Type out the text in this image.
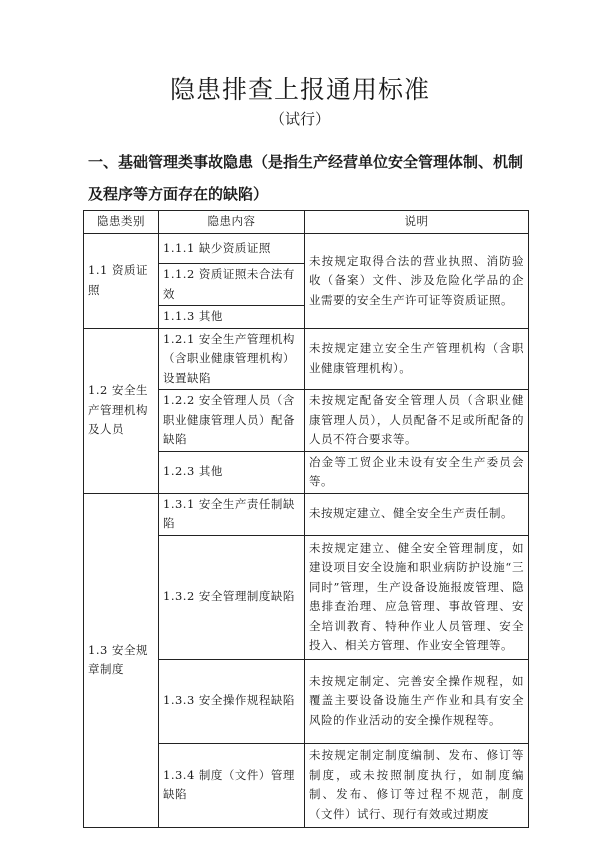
隐患排查上报通用标准
（试行）
一、基础管理类事故隐患（是指生产经营单位安全管理体制、机制及程序等方面存在的缺陷）
隐患类别	隐患内容	说明
1.1 资质证照	1.1.1 缺少资质证照	未按规定取得合法的营业执照、消防验收（备案）文件、涉及危险化学品的企业需要的安全生产许可证等资质证照。
	1.1.2 资质证照未合法有效	
	1.1.3 其他	
1.2 安全生产管理机构及人员	1.2.1 安全生产管理机构（含职业健康管理机构）设置缺陷	未按规定建立安全生产管理机构（含职业健康管理机构）。
	1.2.2 安全管理人员（含职业健康管理人员）配备缺陷	未按规定配备安全管理人员（含职业健康管理人员），人员配备不足或所配备的人员不符合要求等。
	1.2.3 其他	冶金等工贸企业未设有安全生产委员会等。
1.3 安全规章制度	1.3.1 安全生产责任制缺陷	未按规定建立、健全安全生产责任制。
	1.3.2 安全管理制度缺陷	未按规定建立、健全安全管理制度，如建设项目安全设施和职业病防护设施“三同时”管理，生产设备设施报废管理、隐患排查治理、应急管理、事故管理、安全培训教育、特种作业人员管理、安全投入、相关方管理、作业安全管理等。
	1.3.3 安全操作规程缺陷	未按规定制定、完善安全操作规程，如覆盖主要设备设施生产作业和具有安全风险的作业活动的安全操作规程等。
	1.3.4 制度（文件）管理缺陷	未按规定制定制度编制、发布、修订等制度，或未按照制度执行，如制度编制、发布、修订等过程不规范，制度（文件）试行、现行有效或过期废
